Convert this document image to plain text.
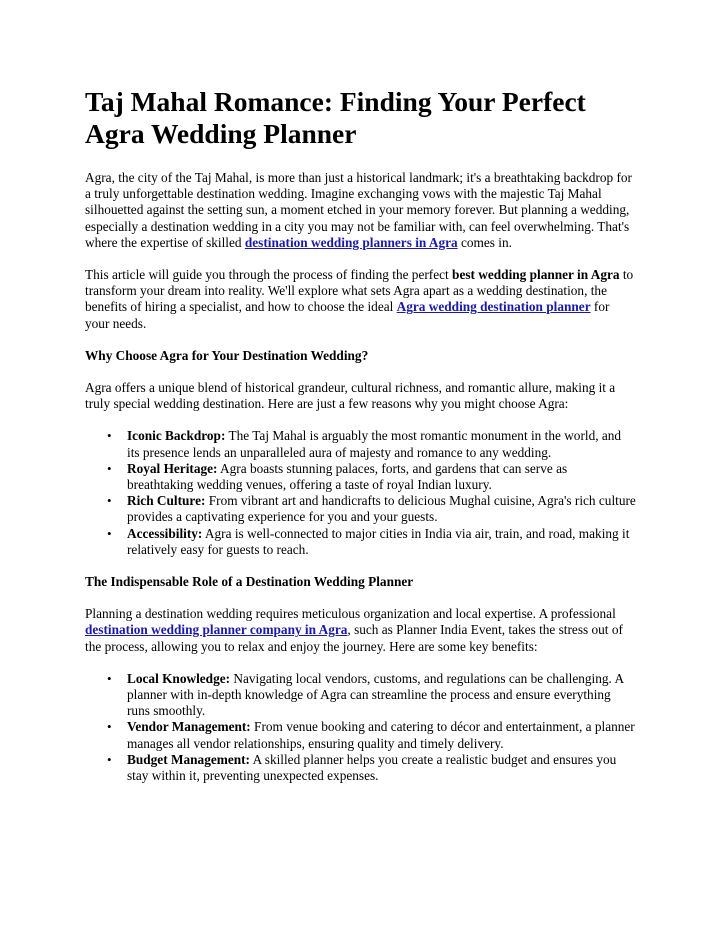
Taj Mahal Romance: Finding Your Perfect Agra Wedding Planner

Agra, the city of the Taj Mahal, is more than just a historical landmark; it's a breathtaking backdrop for a truly unforgettable destination wedding. Imagine exchanging vows with the majestic Taj Mahal silhouetted against the setting sun, a moment etched in your memory forever. But planning a wedding, especially a destination wedding in a city you may not be familiar with, can feel overwhelming. That's where the expertise of skilled destination wedding planners in Agra comes in.

This article will guide you through the process of finding the perfect best wedding planner in Agra to transform your dream into reality. We'll explore what sets Agra apart as a wedding destination, the benefits of hiring a specialist, and how to choose the ideal Agra wedding destination planner for your needs.

Why Choose Agra for Your Destination Wedding?

Agra offers a unique blend of historical grandeur, cultural richness, and romantic allure, making it a truly special wedding destination. Here are just a few reasons why you might choose Agra:

• Iconic Backdrop: The Taj Mahal is arguably the most romantic monument in the world, and its presence lends an unparalleled aura of majesty and romance to any wedding.
• Royal Heritage: Agra boasts stunning palaces, forts, and gardens that can serve as breathtaking wedding venues, offering a taste of royal Indian luxury.
• Rich Culture: From vibrant art and handicrafts to delicious Mughal cuisine, Agra's rich culture provides a captivating experience for you and your guests.
• Accessibility: Agra is well-connected to major cities in India via air, train, and road, making it relatively easy for guests to reach.
The Indispensable Role of a Destination Wedding Planner

Planning a destination wedding requires meticulous organization and local expertise. A professional destination wedding planner company in Agra, such as Planner India Event, takes the stress out of the process, allowing you to relax and enjoy the journey. Here are some key benefits:

• Local Knowledge: Navigating local vendors, customs, and regulations can be challenging. A planner with in-depth knowledge of Agra can streamline the process and ensure everything runs smoothly.
• Vendor Management: From venue booking and catering to décor and entertainment, a planner manages all vendor relationships, ensuring quality and timely delivery.
• Budget Management: A skilled planner helps you create a realistic budget and ensures you stay within it, preventing unexpected expenses.
